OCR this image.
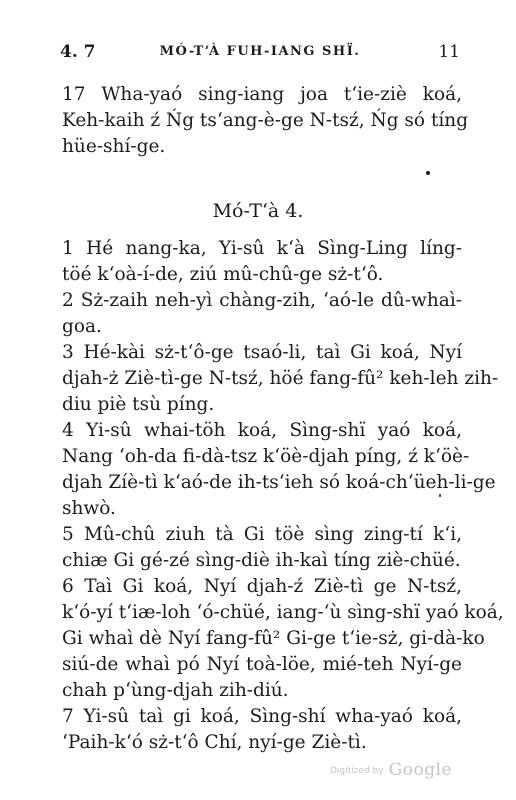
4. 7	MÓ-T‘À FUH-IANG SHÏ.	11
Mó-T‘à 4.
17 Wha-yaó sing-iang joa t‘ie-ziè koá,
Keh-kaih ź Ńg ts‘ang-è-ge N-tsź, Ńg só tíng
hüe-shí-ge.
1 Hé nang-ka, Yi-sû k‘à Sìng-Ling líng-
töé k‘oà-í-de, ziú mû-chû-ge sż-t‘ô.
2 Sż-zaih neh-yì chàng-zih, ‘aó-le dû-whaì-
goa.
3 Hé-kài sż-t‘ô-ge tsaó-li, taì Gi koá, Nyí
djah-ż Ziè-tì-ge N-tsź, höé fang-fû² keh-leh zih-
diu piè tsù píng.
4 Yi-sû whai-töh koá, Sìng-shï yaó koá,
Nang ‘oh-da fi-dà-tsz k‘öè-djah píng, ź k‘öè-
djah Zíè-tì k‘aó-de ih-ts‘ieh só koá-ch‘üeh-li-ge
shwò.
5 Mû-chû ziuh tà Gi töè sìng zing-tí k‘i,
chiæ Gi gé-zé sìng-diè ih-kaì tíng ziè-chüé.
6 Taì Gi koá, Nyí djah-ź Ziè-tì ge N-tsź,
k‘ó-yí t‘iæ-loh ‘ó-chüé, iang-‘ù sìng-shï yaó koá,
Gi whaì dè Nyí fang-fû² Gi-ge t‘ie-sż, gi-dà-ko
siú-de whaì pó Nyí toà-löe, mié-teh Nyí-ge
chah p‘ùng-djah zih-diú.
7 Yi-sû taì gi koá, Sìng-shí wha-yaó koá,
‘Paih-k‘ó sż-t‘ô Chí, nyí-ge Ziè-tì.
Digitized by Google
